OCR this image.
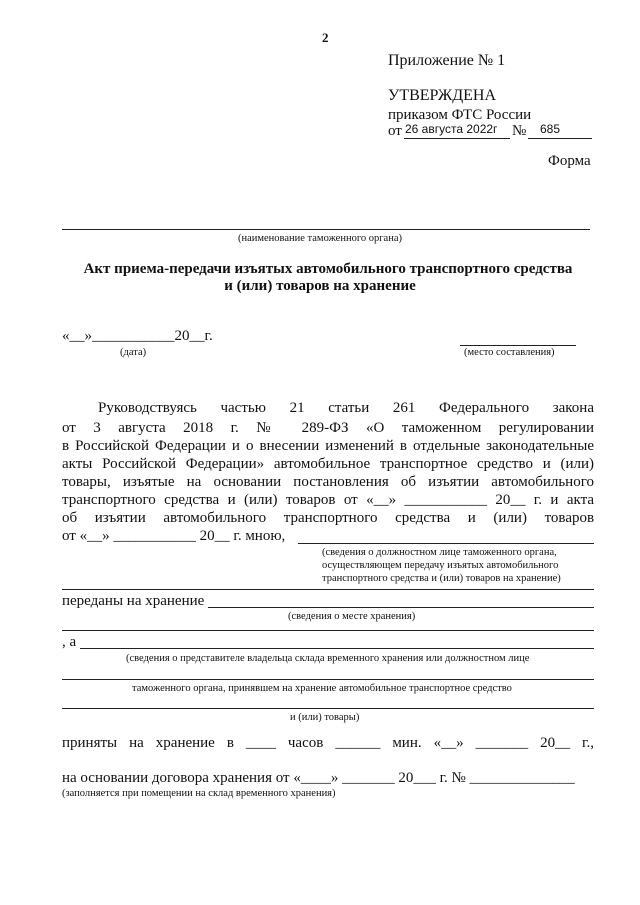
2
Приложение № 1
УТВЕРЖДЕНА
приказом ФТС России
от 26 августа 2022г № 685
Форма
(наименование таможенного органа)
Акт приема-передачи изъятых автомобильного транспортного средства
и (или) товаров на хранение
«__»___________20__г.
(дата)	(место составления)
Руководствуясь частью 21 статьи 261 Федерального закона
от 3 августа 2018 г. № 289-ФЗ «О таможенном регулировании
в Российской Федерации и о внесении изменений в отдельные законодательные
акты Российской Федерации» автомобильное транспортное средство и (или)
товары, изъятые на основании постановления об изъятии автомобильного
транспортного средства и (или) товаров от «__» ___________ 20__ г. и акта
об изъятии автомобильного транспортного средства и (или) товаров
от «__» ___________ 20__ г. мною,
(сведения о должностном лице таможенного органа,
осуществляющем передачу изъятых автомобильного
транспортного средства и (или) товаров на хранение)
переданы на хранение
(сведения о месте хранения)
, а
(сведения о представителе владельца склада временного хранения или должностном лице
таможенного органа, принявшем на хранение автомобильное транспортное средство
и (или) товары)
приняты на хранение в ____ часов ______ мин. «__» _______ 20__ г.,
на основании договора хранения от «____» _______ 20___ г. № ______________
(заполняется при помещении на склад временного хранения)
